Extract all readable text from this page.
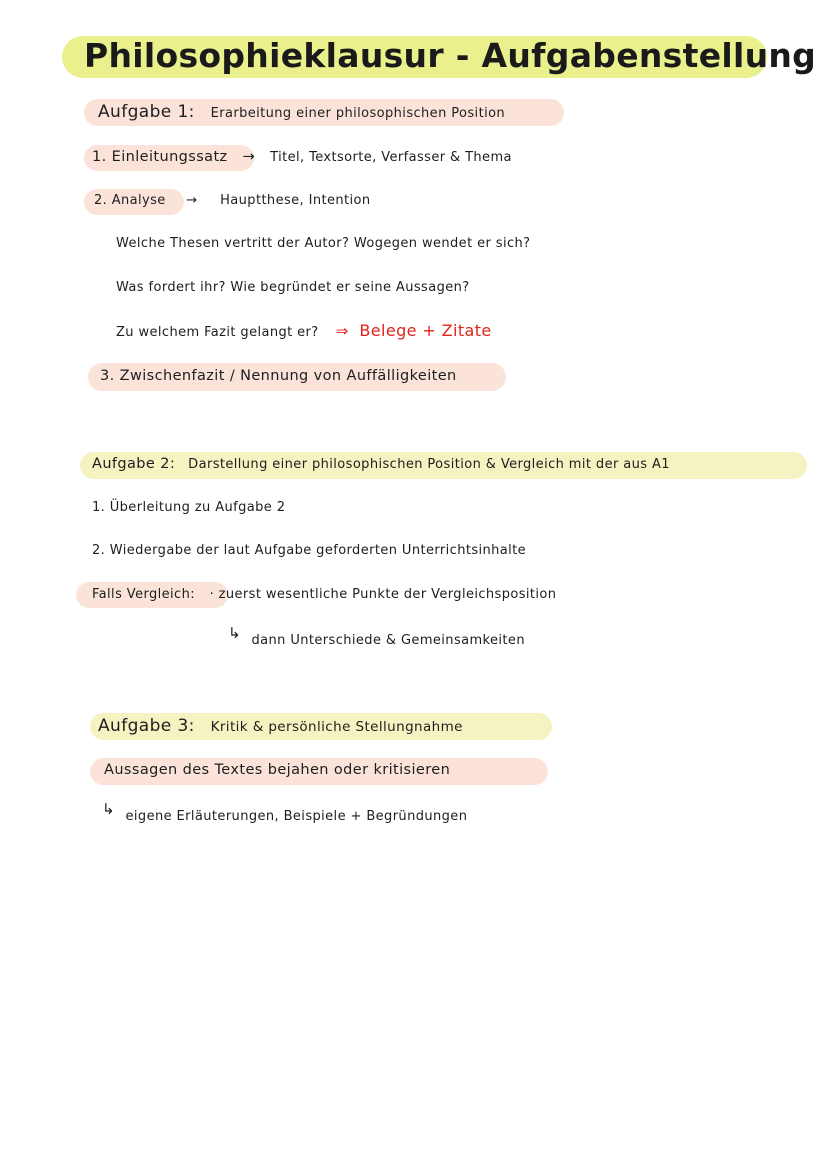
Philosophieklausur - Aufgabenstellung
Aufgabe 1: Erarbeitung einer philosophischen Position
1. Einleitungssatz → Titel, Textsorte, Verfasser & Thema
2. Analyse → Hauptthese, Intention
Welche Thesen vertritt der Autor? Wogegen wendet er sich?
Was fordert ihr? Wie begründet er seine Aussagen?
Zu welchem Fazit gelangt er? ⇒ Belege + Zitate
3. Zwischenfazit / Nennung von Auffälligkeiten
Aufgabe 2: Darstellung einer philosophischen Position & Vergleich mit der aus A1
1. Überleitung zu Aufgabe 2
2. Wiedergabe der laut Aufgabe geforderten Unterrichtsinhalte
Falls Vergleich: · zuerst wesentliche Punkte der Vergleichsposition
↳ dann Unterschiede & Gemeinsamkeiten
Aufgabe 3: Kritik & persönliche Stellungnahme
Aussagen des Textes bejahen oder kritisieren
↳ eigene Erläuterungen, Beispiele + Begründungen
